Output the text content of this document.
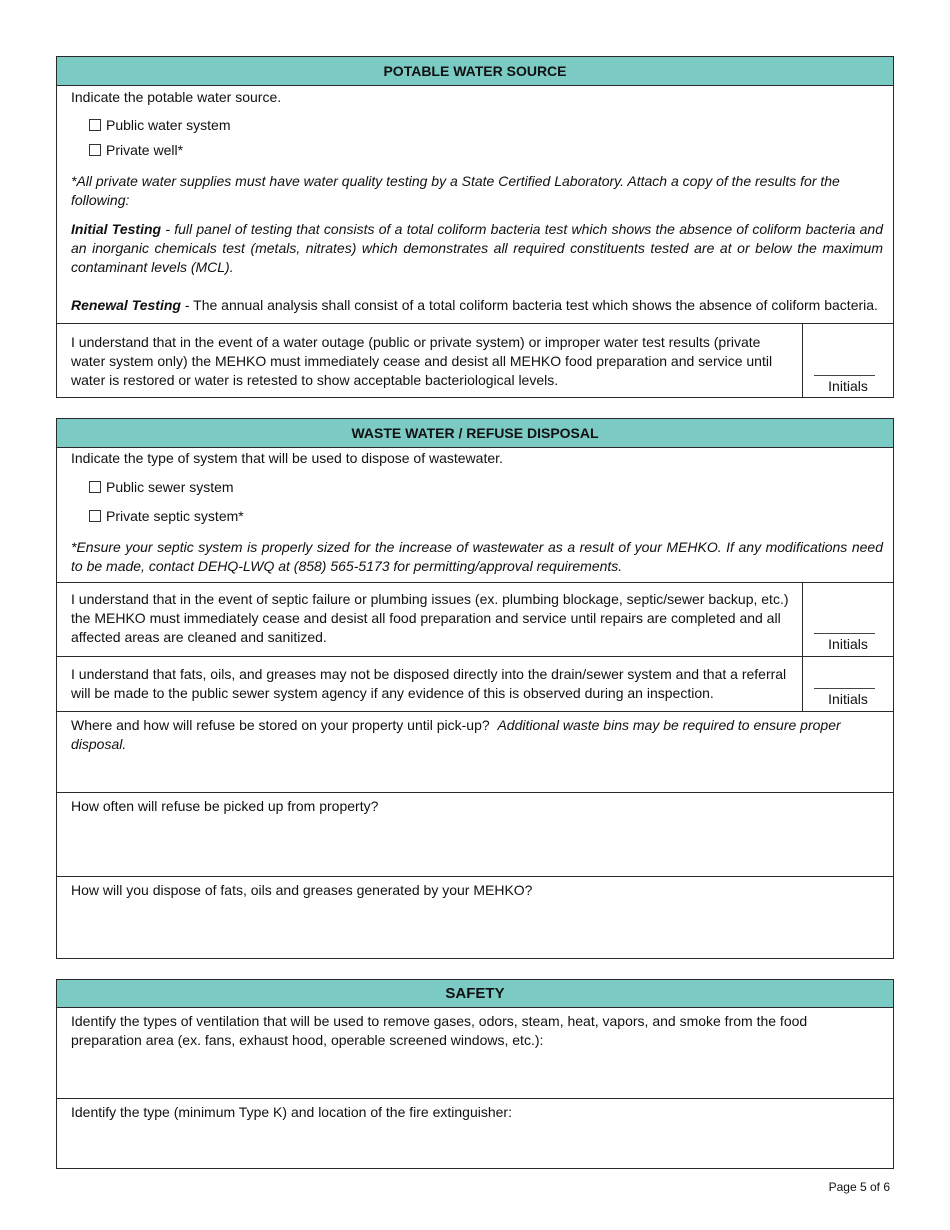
POTABLE WATER SOURCE
Indicate the potable water source.
Public water system
Private well*
*All private water supplies must have water quality testing by a State Certified Laboratory. Attach a copy of the results for the following:
Initial Testing - full panel of testing that consists of a total coliform bacteria test which shows the absence of coliform bacteria and an inorganic chemicals test (metals, nitrates) which demonstrates all required constituents tested are at or below the maximum contaminant levels (MCL).
Renewal Testing - The annual analysis shall consist of a total coliform bacteria test which shows the absence of coliform bacteria.
I understand that in the event of a water outage (public or private system) or improper water test results (private water system only) the MEHKO must immediately cease and desist all MEHKO food preparation and service until water is restored or water is retested to show acceptable bacteriological levels.	Initials
WASTE WATER / REFUSE DISPOSAL
Indicate the type of system that will be used to dispose of wastewater.
Public sewer system
Private septic system*
*Ensure your septic system is properly sized for the increase of wastewater as a result of your MEHKO. If any modifications need to be made, contact DEHQ-LWQ at (858) 565-5173 for permitting/approval requirements.
I understand that in the event of septic failure or plumbing issues (ex. plumbing blockage, septic/sewer backup, etc.) the MEHKO must immediately cease and desist all food preparation and service until repairs are completed and all affected areas are cleaned and sanitized.	Initials
I understand that fats, oils, and greases may not be disposed directly into the drain/sewer system and that a referral will be made to the public sewer system agency if any evidence of this is observed during an inspection.	Initials
Where and how will refuse be stored on your property until pick-up? Additional waste bins may be required to ensure proper disposal.
How often will refuse be picked up from property?
How will you dispose of fats, oils and greases generated by your MEHKO?
SAFETY
Identify the types of ventilation that will be used to remove gases, odors, steam, heat, vapors, and smoke from the food preparation area (ex. fans, exhaust hood, operable screened windows, etc.):
Identify the type (minimum Type K) and location of the fire extinguisher:
Page 5 of 6
